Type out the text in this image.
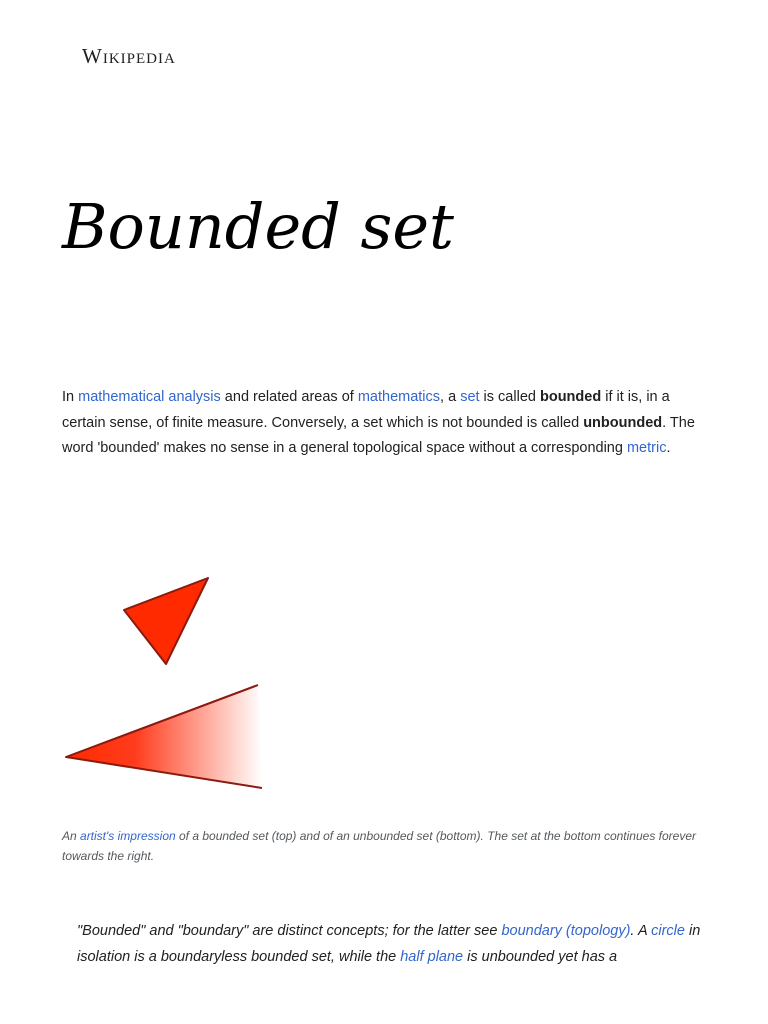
Wikipedia
Bounded set

In mathematical analysis and related areas of mathematics, a set is called bounded if it is, in a certain sense, of finite measure. Conversely, a set which is not bounded is called unbounded. The word 'bounded' makes no sense in a general topological space without a corresponding metric.

An artist's impression of a bounded set (top) and of an unbounded set (bottom). The set at the bottom continues forever towards the right.

"Bounded" and "boundary" are distinct concepts; for the latter see boundary (topology). A circle in isolation is a boundaryless bounded set, while the half plane is unbounded yet has a
